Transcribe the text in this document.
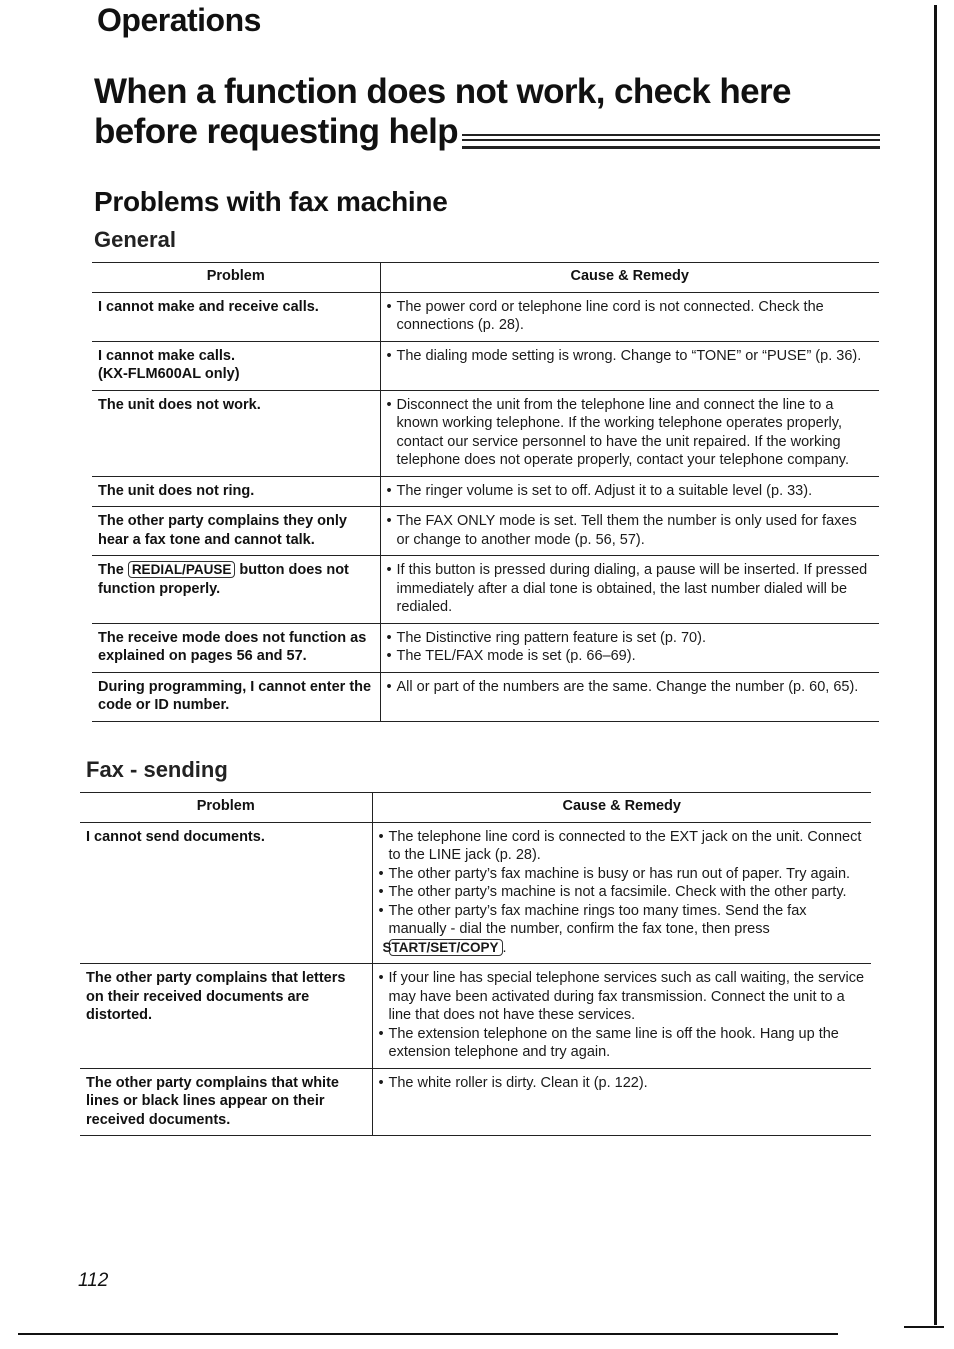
Operations
When a function does not work, check here
before requesting help
Problems with fax machine
General
Problem	Cause & Remedy
I cannot make and receive calls.	• The power cord or telephone line cord is not connected. Check the connections (p. 28).

I cannot make calls.
(KX-FLM600AL only)	• The dialing mode setting is wrong. Change to “TONE” or “PUSE” (p. 36).

The unit does not work.	• Disconnect the unit from the telephone line and connect the line to a known working telephone. If the working telephone operates properly, contact our service personnel to have the unit repaired. If the working telephone does not operate properly, contact your telephone company.

The unit does not ring.	• The ringer volume is set to off. Adjust it to a suitable level (p. 33).

The other party complains they only hear a fax tone and cannot talk.	• The FAX ONLY mode is set. Tell them the number is only used for faxes or change to another mode (p. 56, 57).

The REDIAL/PAUSE button does not function properly.	• If this button is pressed during dialing, a pause will be inserted. If pressed immediately after a dial tone is obtained, the last number dialed will be redialed.

The receive mode does not function as explained on pages 56 and 57.	• The Distinctive ring pattern feature is set (p. 70).
• The TEL/FAX mode is set (p. 66–69).

During programming, I cannot enter the code or ID number.	• All or part of the numbers are the same. Change the number (p. 60, 65).
Fax - sending
Problem	Cause & Remedy
I cannot send documents.	• The telephone line cord is connected to the EXT jack on the unit. Connect to the LINE jack (p. 28).
• The other party’s fax machine is busy or has run out of paper. Try again.
• The other party’s machine is not a facsimile. Check with the other party.
• The other party’s fax machine rings too many times. Send the fax manually - dial the number, confirm the fax tone, then press START/SET/COPY .

The other party complains that letters on their received documents are distorted.	• If your line has special telephone services such as call waiting, the service may have been activated during fax transmission. Connect the unit to a line that does not have these services.
• The extension telephone on the same line is off the hook. Hang up the extension telephone and try again.

The other party complains that white lines or black lines appear on their received documents.	• The white roller is dirty. Clean it (p. 122).

112
